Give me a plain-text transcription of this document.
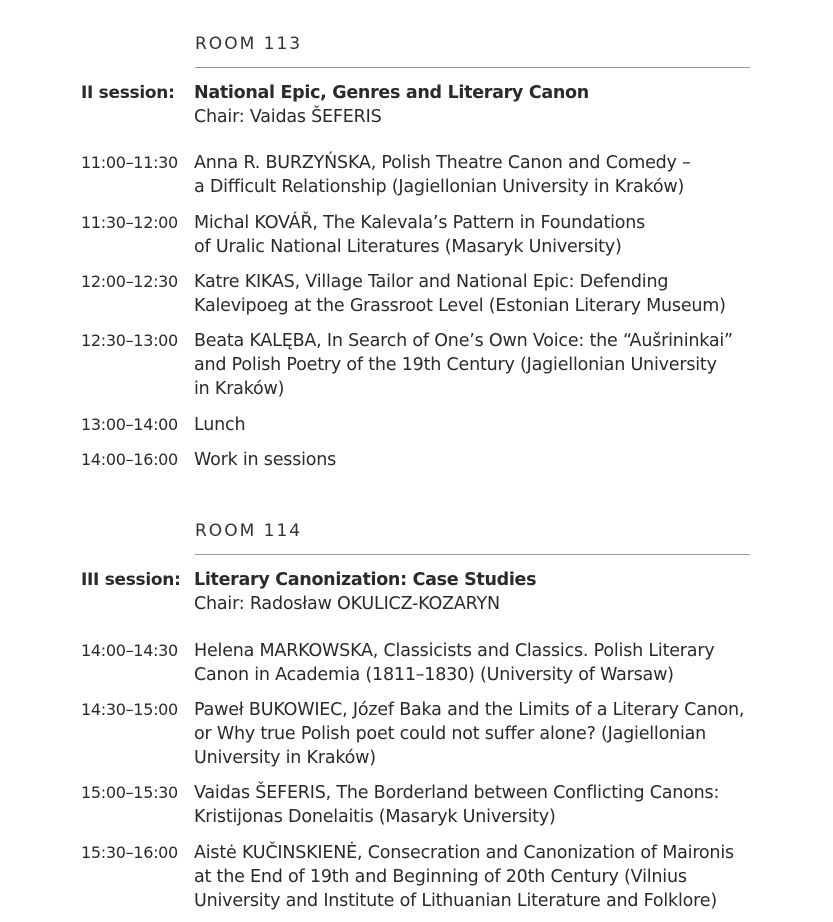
ROOM 113
II session:	National Epic, Genres and Literary Canon
Chair: Vaidas ŠEFERIS
11:00–11:30 Anna R. BURZYŃSKA, Polish Theatre Canon and Comedy –
a Difficult Relationship (Jagiellonian University in Kraków)
11:30–12:00 Michal KOVÁŘ, The Kalevala’s Pattern in Foundations
of Uralic National Literatures (Masaryk University)
12:00–12:30 Katre KIKAS, Village Tailor and National Epic: Defending
Kalevipoeg at the Grassroot Level (Estonian Literary Museum)
12:30–13:00 Beata KALĘBA, In Search of One’s Own Voice: the “Aušrininkai”
and Polish Poetry of the 19th Century (Jagiellonian University
in Kraków)
13:00–14:00 Lunch
14:00–16:00 Work in sessions
ROOM 114
III session: Literary Canonization: Case Studies
Chair: Radosław OKULICZ-KOZARYN
14:00–14:30 Helena MARKOWSKA, Classicists and Classics. Polish Literary
Canon in Academia (1811–1830) (University of Warsaw)
14:30–15:00 Paweł BUKOWIEC, Józef Baka and the Limits of a Literary Canon,
or Why true Polish poet could not suffer alone? (Jagiellonian
University in Kraków)
15:00–15:30 Vaidas ŠEFERIS, The Borderland between Conflicting Canons:
Kristijonas Donelaitis (Masaryk University)
15:30–16:00 Aistė KUČINSKIENĖ, Consecration and Canonization of Maironis
at the End of 19th and Beginning of 20th Century (Vilnius
University and Institute of Lithuanian Literature and Folklore)
